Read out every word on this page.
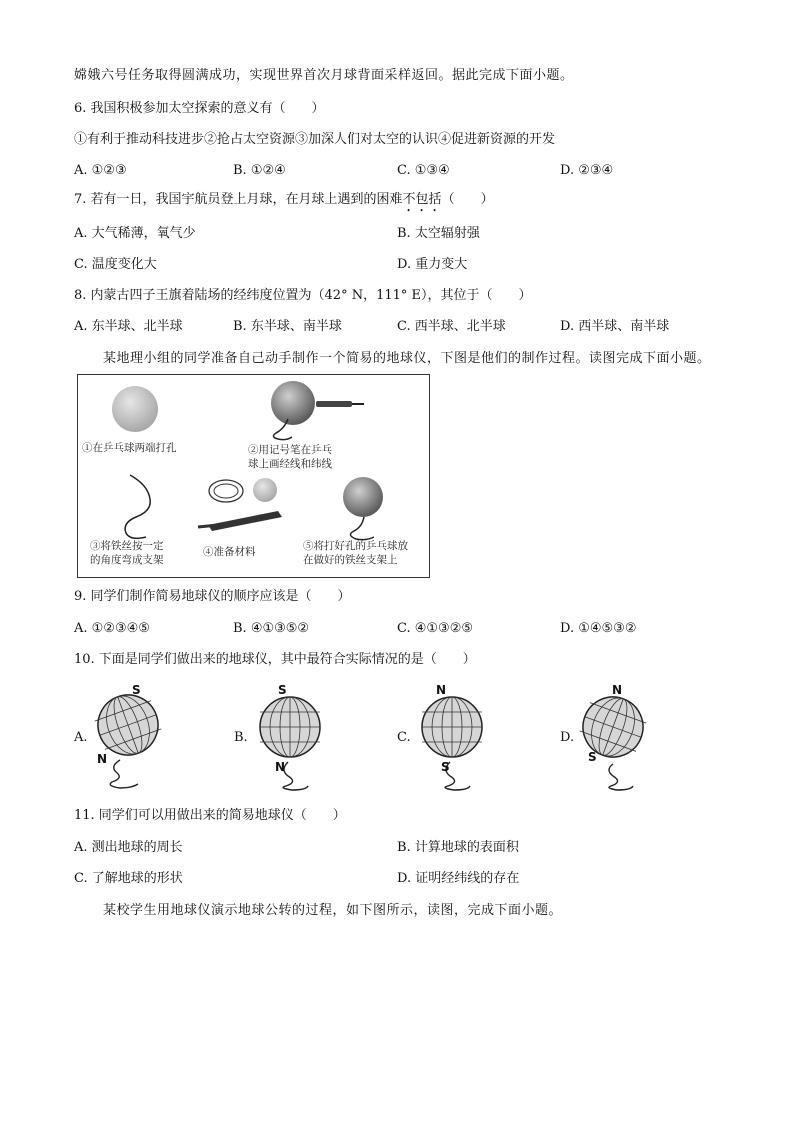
嫦娥六号任务取得圆满成功，实现世界首次月球背面采样返回。据此完成下面小题。
6. 我国积极参加太空探索的意义有（　　）
①有利于推动科技进步②抢占太空资源③加深人们对太空的认识④促进新资源的开发
A. ①②③	B. ①②④	C. ①③④	D. ②③④
7. 若有一日，我国宇航员登上月球，在月球上遇到的困难不包括（　　）
A. 大气稀薄，氧气少	B. 太空辐射强
C. 温度变化大	D. 重力变大
8. 内蒙古四子王旗着陆场的经纬度位置为（42° N，111° E），其位于（　　）
A. 东半球、北半球	B. 东半球、南半球	C. 西半球、北半球	D. 西半球、南半球
某地理小组的同学准备自己动手制作一个简易的地球仪，下图是他们的制作过程。读图完成下面小题。
①在乒乓球两端打孔	②用记号笔在乒乓
球上画经线和纬线
③将铁丝按一定
的角度弯成支架
④准备材料	⑤将打好孔的乒乓球放
在做好的铁丝支架上
9. 同学们制作简易地球仪的顺序应该是（　　）
A. ①②③④⑤	B. ④①③⑤②	C. ④①③②⑤	D. ①④⑤③②
10. 下面是同学们做出来的地球仪，其中最符合实际情况的是（　　）
A.
S
N
B.
S
N
C.
N
S
D.
N
S
11. 同学们可以用做出来的简易地球仪（　　）
A. 测出地球的周长	B. 计算地球的表面积
C. 了解地球的形状	D. 证明经纬线的存在
某校学生用地球仪演示地球公转的过程，如下图所示，读图，完成下面小题。
